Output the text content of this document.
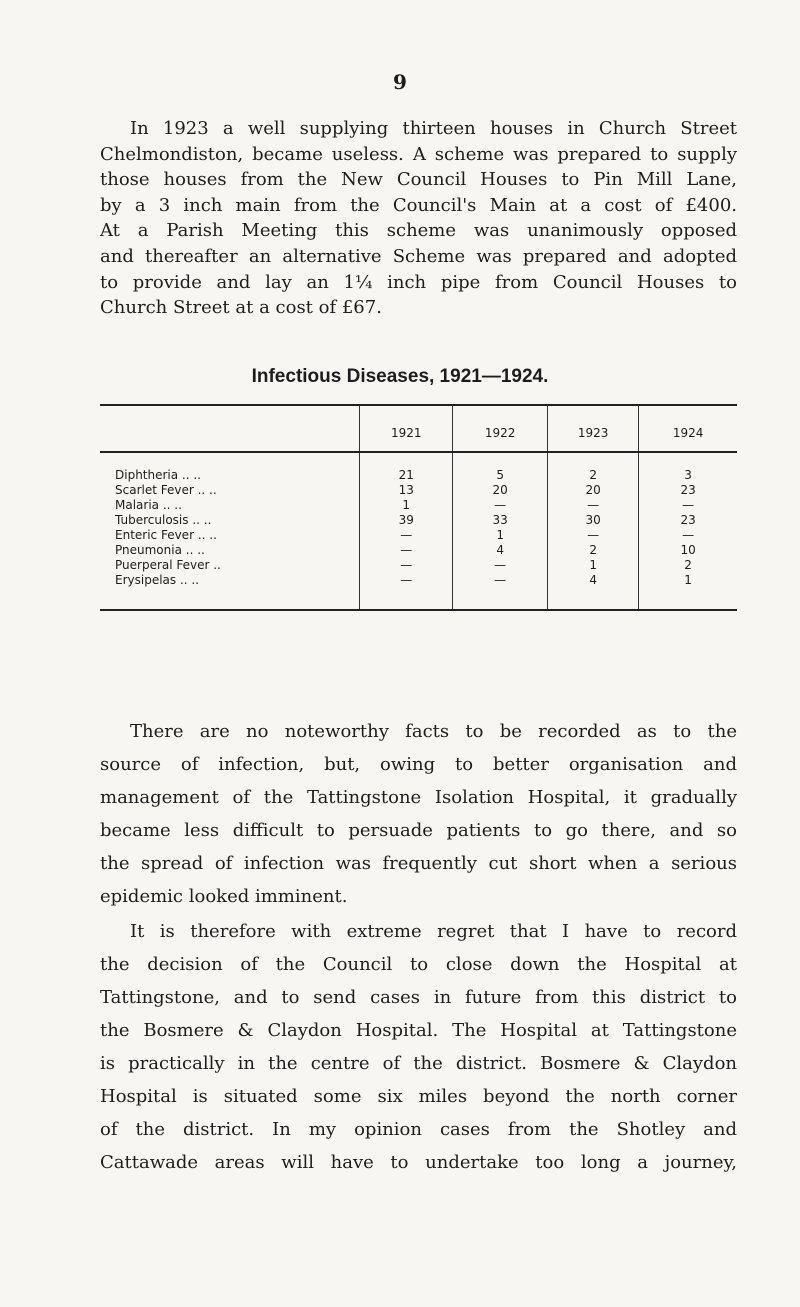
9
In 1923 a well supplying thirteen houses in Church Street
Chelmondiston, became useless. A scheme was prepared to supply
those houses from the New Council Houses to Pin Mill Lane,
by a 3 inch main from the Council's Main at a cost of £400.
At a Parish Meeting this scheme was unanimously opposed
and thereafter an alternative Scheme was prepared and adopted
to provide and lay an 1¼ inch pipe from Council Houses to
Church Street at a cost of £67.
Infectious Diseases, 1921—1924.
	1921	1922	1923	1924

Diphtheria .. ..	21	5	2	3
Scarlet Fever .. ..	13	20	20	23
Malaria .. ..	1	—	—	—
Tuberculosis .. ..	39	33	30	23
Enteric Fever .. ..	—	1	—	—
Pneumonia .. ..	—	4	2	10
Puerperal Fever ..	—	—	1	2
Erysipelas .. ..	—	—	4	1

There are no noteworthy facts to be recorded as to the
source of infection, but, owing to better organisation and
management of the Tattingstone Isolation Hospital, it gradually
became less difficult to persuade patients to go there, and so
the spread of infection was frequently cut short when a serious
epidemic looked imminent.
It is therefore with extreme regret that I have to record
the decision of the Council to close down the Hospital at
Tattingstone, and to send cases in future from this district to
the Bosmere & Claydon Hospital. The Hospital at Tattingstone
is practically in the centre of the district. Bosmere & Claydon
Hospital is situated some six miles beyond the north corner
of the district. In my opinion cases from the Shotley and
Cattawade areas will have to undertake too long a journey,
